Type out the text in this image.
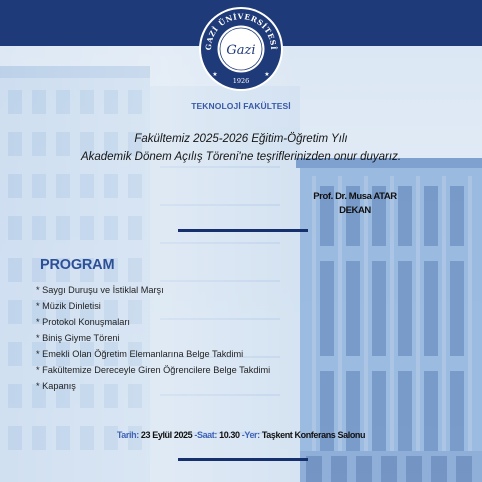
GAZİ ÜNİVERSİTESİ
Gazi
1926
★	★
TEKNOLOJİ FAKÜLTESİ
Fakültemiz 2025-2026 Eğitim-Öğretim Yılı
Akademik Dönem Açılış Töreni'ne teşriflerinizden onur duyarız.
Prof. Dr. Musa ATAR
DEKAN
PROGRAM
* Saygı Duruşu ve İstiklal Marşı
* Müzik Dinletisi
* Protokol Konuşmaları
* Biniş Giyme Töreni
* Emekli Olan Öğretim Elemanlarına Belge Takdimi
* Fakültemize Dereceyle Giren Öğrencilere Belge Takdimi
* Kapanış
Tarih: 23 Eylül 2025 -Saat: 10.30 -Yer: Taşkent Konferans Salonu
